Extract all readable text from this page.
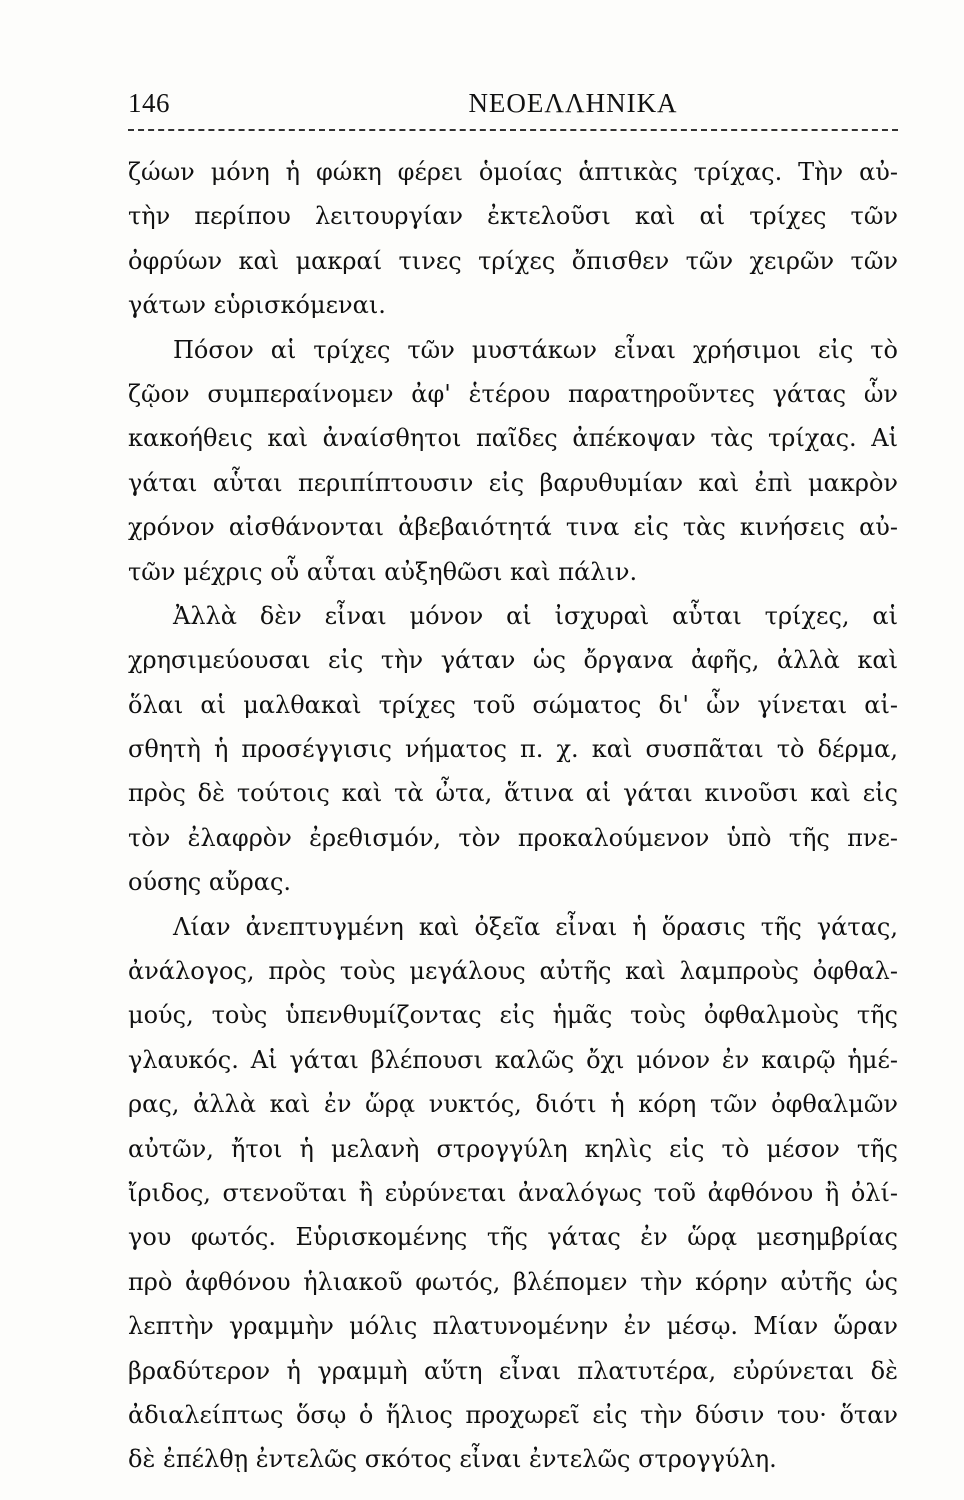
146	ΝΕΟΕΛΛΗΝΙΚΑ
ζώων μόνη ἡ φώκη φέρει ὁμοίας ἁπτικὰς τρίχας. Τὴν αὐ-
τὴν περίπου λειτουργίαν ἐκτελοῦσι καὶ αἱ τρίχες τῶν
ὀφρύων καὶ μακραί τινες τρίχες ὄπισθεν τῶν χειρῶν τῶν
γάτων εὑρισκόμεναι.
Πόσον αἱ τρίχες τῶν μυστάκων εἶναι χρήσιμοι εἰς τὸ
ζῷον συμπεραίνομεν ἀφ' ἑτέρου παρατηροῦντες γάτας ὧν
κακοήθεις καὶ ἀναίσθητοι παῖδες ἀπέκοψαν τὰς τρίχας. Αἱ
γάται αὗται περιπίπτουσιν εἰς βαρυθυμίαν καὶ ἐπὶ μακρὸν
χρόνον αἰσθάνονται ἀβεβαιότητά τινα εἰς τὰς κινήσεις αὐ-
τῶν μέχρις οὗ αὗται αὐξηθῶσι καὶ πάλιν.
Ἀλλὰ δὲν εἶναι μόνον αἱ ἰσχυραὶ αὗται τρίχες, αἱ
χρησιμεύουσαι εἰς τὴν γάταν ὡς ὄργανα ἀφῆς, ἀλλὰ καὶ
ὅλαι αἱ μαλθακαὶ τρίχες τοῦ σώματος δι' ὧν γίνεται αἰ-
σθητὴ ἡ προσέγγισις νήματος π. χ. καὶ συσπᾶται τὸ δέρμα,
πρὸς δὲ τούτοις καὶ τὰ ὦτα, ἅτινα αἱ γάται κινοῦσι καὶ εἰς
τὸν ἐλαφρὸν ἐρεθισμόν, τὸν προκαλούμενον ὑπὸ τῆς πνε-
ούσης αὔρας.
Λίαν ἀνεπτυγμένη καὶ ὀξεῖα εἶναι ἡ ὅρασις τῆς γάτας,
ἀνάλογος, πρὸς τοὺς μεγάλους αὐτῆς καὶ λαμπροὺς ὀφθαλ-
μούς, τοὺς ὑπενθυμίζοντας εἰς ἡμᾶς τοὺς ὀφθαλμοὺς τῆς
γλαυκός. Αἱ γάται βλέπουσι καλῶς ὄχι μόνον ἐν καιρῷ ἡμέ-
ρας, ἀλλὰ καὶ ἐν ὥρᾳ νυκτός, διότι ἡ κόρη τῶν ὀφθαλμῶν
αὐτῶν, ἤτοι ἡ μελανὴ στρογγύλη κηλὶς εἰς τὸ μέσον τῆς
ἴριδος, στενοῦται ἢ εὐρύνεται ἀναλόγως τοῦ ἀφθόνου ἢ ὀλί-
γου φωτός. Εὑρισκομένης τῆς γάτας ἐν ὥρᾳ μεσημβρίας
πρὸ ἀφθόνου ἡλιακοῦ φωτός, βλέπομεν τὴν κόρην αὐτῆς ὡς
λεπτὴν γραμμὴν μόλις πλατυνομένην ἐν μέσῳ. Μίαν ὥραν
βραδύτερον ἡ γραμμὴ αὕτη εἶναι πλατυτέρα, εὐρύνεται δὲ
ἀδιαλείπτως ὅσῳ ὁ ἥλιος προχωρεῖ εἰς τὴν δύσιν του· ὅταν
δὲ ἐπέλθῃ ἐντελῶς σκότος εἶναι ἐντελῶς στρογγύλη.
